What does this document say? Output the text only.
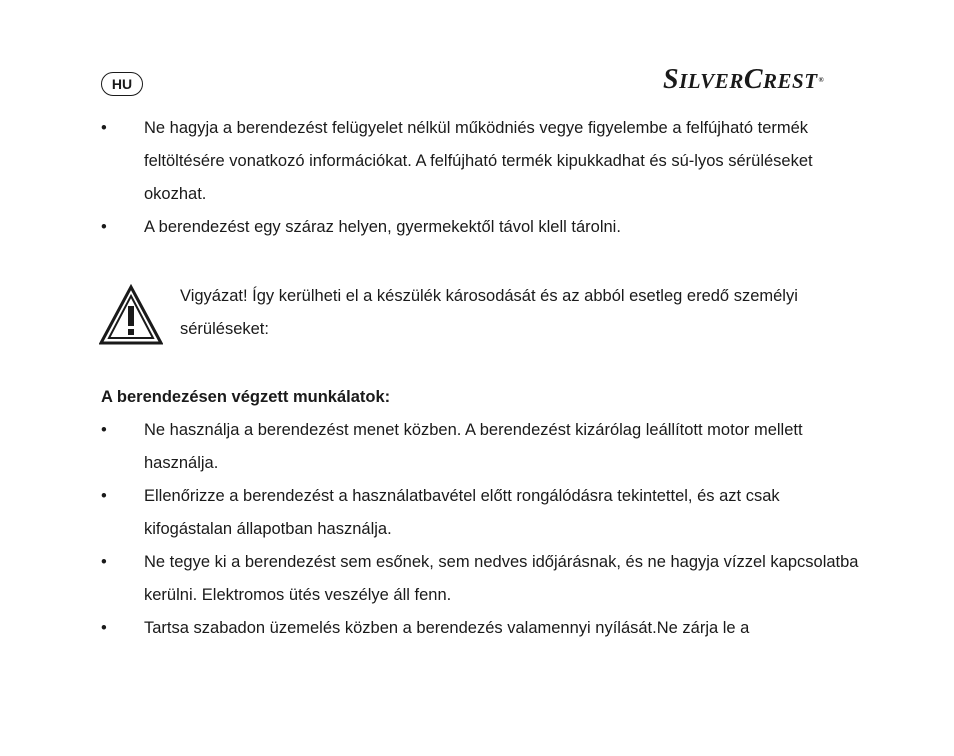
HU	SILVERCREST®
• Ne hagyja a berendezést felügyelet nélkül működniés vegye figyelembe a felfújható termék feltöltésére vonatkozó információkat. A felfújható termék kipukkadhat és sú-lyos sérüléseket okozhat.
• A berendezést egy száraz helyen, gyermekektől távol klell tárolni.
Vigyázat! Így kerülheti el a készülék károsodását és az abból esetleg eredő személyi sérüléseket:
A berendezésen végzett munkálatok:
• Ne használja a berendezést menet közben. A berendezést kizárólag leállított motor mellett használja.
• Ellenőrizze a berendezést a használatbavétel előtt rongálódásra tekintettel, és azt csak kifogástalan állapotban használja.
• Ne tegye ki a berendezést sem esőnek, sem nedves időjárásnak, és ne hagyja vízzel kapcsolatba kerülni. Elektromos ütés veszélye áll fenn.
• Tartsa szabadon üzemelés közben a berendezés valamennyi nyílását.Ne zárja le a
